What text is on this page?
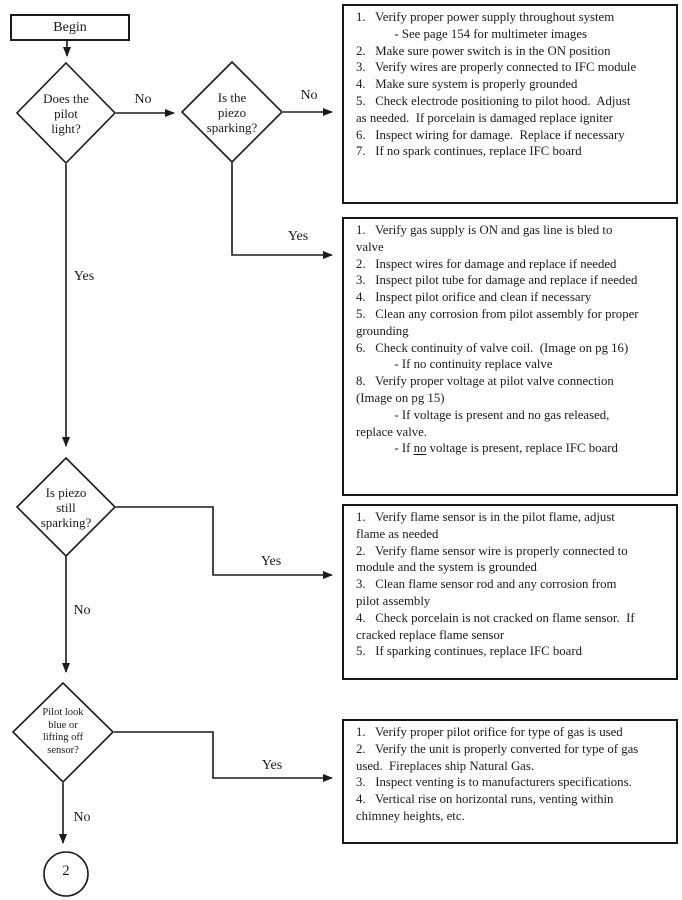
Begin
Does the
pilot
light?
Is the
piezo
sparking?
Is piezo
still
sparking?
Pilot look
blue or
lifting off
sensor?
No	No
Yes
Yes
Yes
No
Yes
No
1.   Verify proper power supply throughout system
- See page 154 for multimeter images
2.   Make sure power switch is in the ON position
3.   Verify wires are properly connected to IFC module
4.   Make sure system is properly grounded
5.   Check electrode positioning to pilot hood.  Adjust
as needed.  If porcelain is damaged replace igniter
6.   Inspect wiring for damage.  Replace if necessary
7.   If no spark continues, replace IFC board
1.   Verify gas supply is ON and gas line is bled to
valve
2.   Inspect wires for damage and replace if needed
3.   Inspect pilot tube for damage and replace if needed
4.   Inspect pilot orifice and clean if necessary
5.   Clean any corrosion from pilot assembly for proper
grounding
6.   Check continuity of valve coil.  (Image on pg 16)
- If no continuity replace valve
8.   Verify proper voltage at pilot valve connection
(Image on pg 15)
- If voltage is present and no gas released,
replace valve.
- If no voltage is present, replace IFC board
1.   Verify flame sensor is in the pilot flame, adjust
flame as needed
2.   Verify flame sensor wire is properly connected to
module and the system is grounded
3.   Clean flame sensor rod and any corrosion from
pilot assembly
4.   Check porcelain is not cracked on flame sensor.  If
cracked replace flame sensor
5.   If sparking continues, replace IFC board
1.   Verify proper pilot orifice for type of gas is used
2.   Verify the unit is properly converted for type of gas
used.  Fireplaces ship Natural Gas.
3.   Inspect venting is to manufacturers specifications.
4.   Vertical rise on horizontal runs, venting within
chimney heights, etc.
2
